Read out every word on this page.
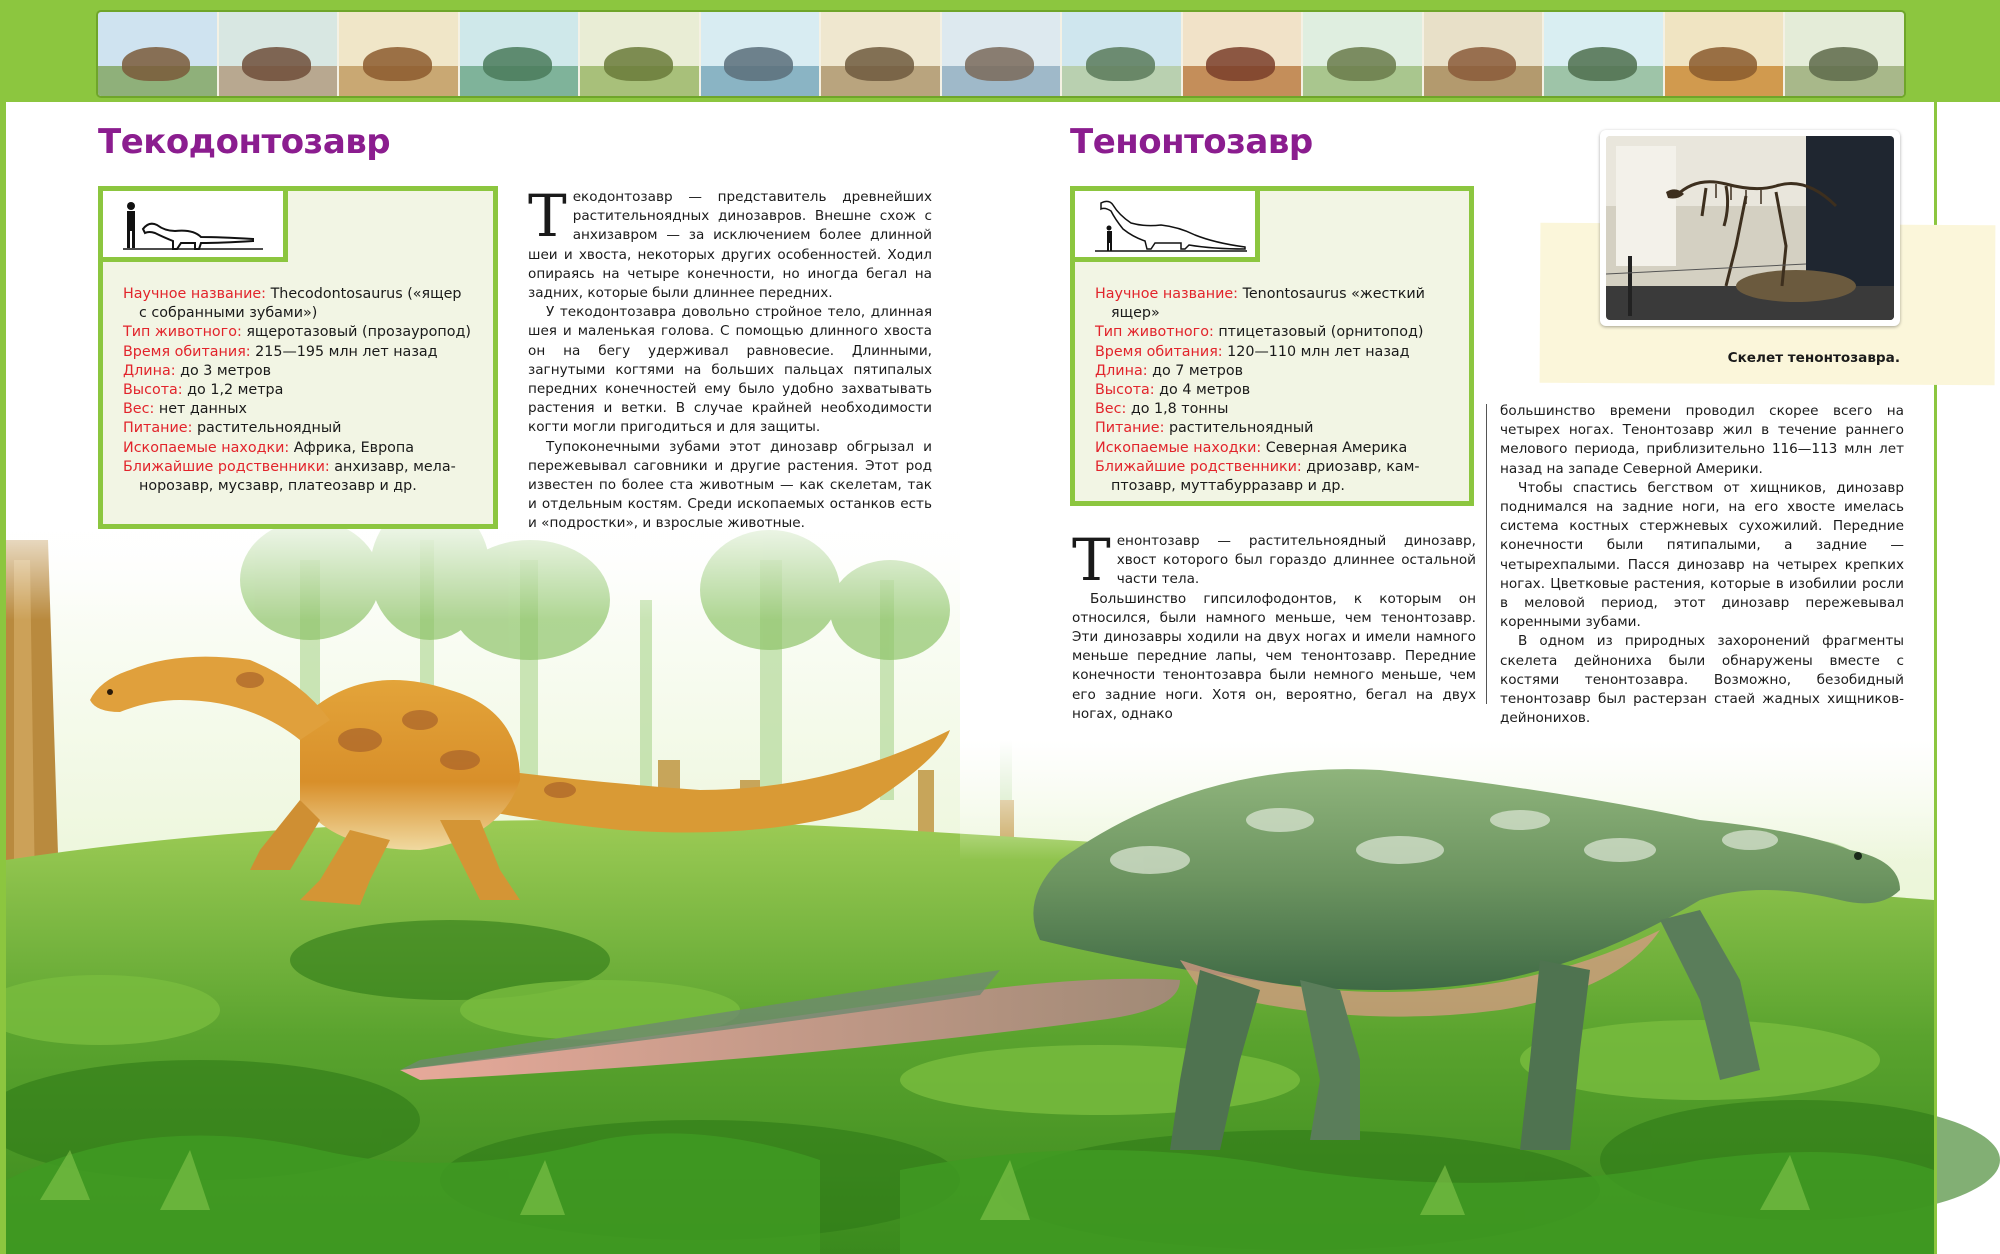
Текодонтозавр
Научное название: Thecodontosaurus («ящер
с собранными зубами»)
Тип животного: ящеротазовый (прозауропод)
Время обитания: 215—195 млн лет назад
Длина: до 3 метров
Высота: до 1,2 метра
Вес: нет данных
Питание: растительноядный
Ископаемые находки: Африка, Европа
Ближайшие родственники: анхизавр, мела-
норозавр, мусзавр, платеозавр и др.

Текодонтозавр — представитель древнейших растительноядных динозавров. Внешне схож с анхизавром — за исключением более длинной шеи и хвоста, некоторых других особенностей. Ходил опираясь на четыре конечности, но иногда бегал на задних, которые были длиннее передних.

У текодонтозавра довольно стройное тело, длинная шея и маленькая голова. С помощью длинного хвоста он на бегу удерживал равновесие. Длинными, загнутыми когтями на больших пальцах пятипалых передних конечностей ему было удобно захватывать растения и ветки. В случае крайней необходимости когти могли пригодиться и для защиты.

Тупоконечными зубами этот динозавр обгрызал и пережевывал саговники и другие растения. Этот род известен по более ста животным — как скелетам, так и отдельным костям. Среди ископаемых останков есть и «подростки», и взрослые животные.

Тенонтозавр
Научное название: Tenontosaurus «жесткий
ящер»
Тип животного: птицетазовый (орнитопод)
Время обитания: 120—110 млн лет назад
Длина: до 7 метров
Высота: до 4 метров
Вес: до 1,8 тонны
Питание: растительноядный
Ископаемые находки: Северная Америка
Ближайшие родственники: дриозавр, кам-
птозавр, муттабурразавр и др.

Тенонтозавр — растительноядный динозавр, хвост которого был гораздо длиннее остальной части тела.

Большинство гипсилофодонтов, к которым он относился, были намного меньше, чем тенонтозавр. Эти динозавры ходили на двух ногах и имели намного меньше передние лапы, чем тенонтозавр. Передние конечности тенонтозавра были немного меньше, чем его задние ноги. Хотя он, вероятно, бегал на двух ногах, однако

большинство времени проводил скорее всего на четырех ногах. Тенонтозавр жил в течение раннего мелового периода, приблизительно 116—113 млн лет назад на западе Северной Америки.

Чтобы спастись бегством от хищников, динозавр поднимался на задние ноги, на его хвосте имелась система костных стержневых сухожилий. Передние конечности были пятипалыми, а задние — четырехпалыми. Пасся динозавр на четырех крепких ногах. Цветковые растения, которые в изобилии росли в меловой период, этот динозавр пережевывал коренными зубами.

В одном из природных захоронений фрагменты скелета дейнониха были обнаружены вместе с костями тенонтозавра. Возможно, безобидный тенонтозавр был растерзан стаей жадных хищников-дейнонихов.

Скелет тенонтозавра.
